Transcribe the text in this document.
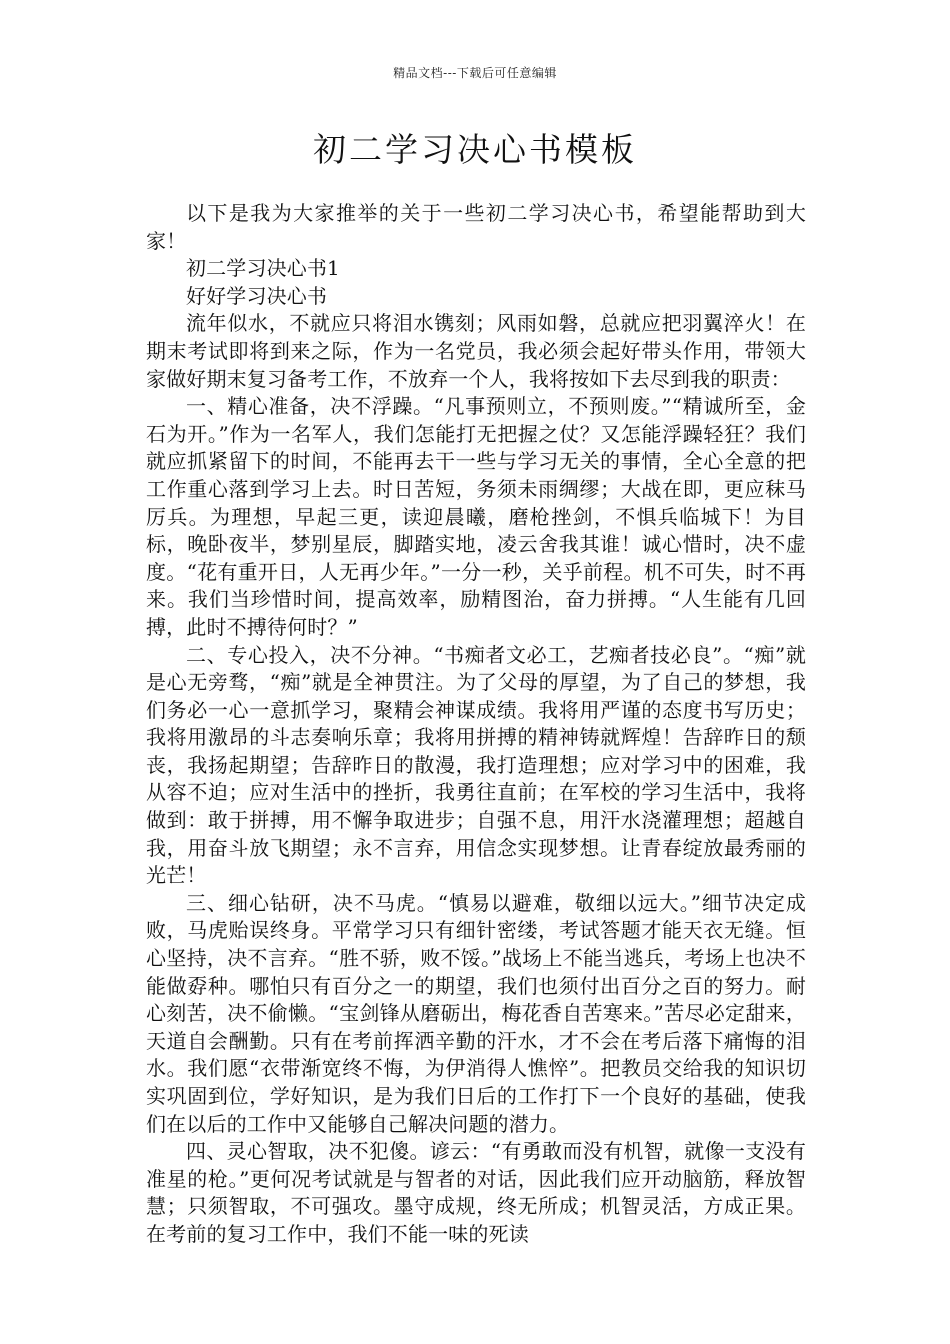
精品文档---下载后可任意编辑
初二学习决心书模板

以下是我为大家推举的关于一些初二学习决心书，希望能帮助到大家！

初二学习决心书1

好好学习决心书

流年似水，不就应只将泪水镌刻；风雨如磐，总就应把羽翼淬火！在期末考试即将到来之际，作为一名党员，我必须会起好带头作用，带领大家做好期末复习备考工作，不放弃一个人，我将按如下去尽到我的职责：

一、精心准备，决不浮躁。“凡事预则立，不预则废。”“精诚所至，金石为开。”作为一名军人，我们怎能打无把握之仗？又怎能浮躁轻狂？我们就应抓紧留下的时间，不能再去干一些与学习无关的事情，全心全意的把工作重心落到学习上去。时日苦短，务须未雨绸缪；大战在即，更应秣马厉兵。为理想，早起三更，读迎晨曦，磨枪挫剑，不惧兵临城下！为目标，晚卧夜半，梦别星辰，脚踏实地，凌云舍我其谁！诚心惜时，决不虚度。“花有重开日，人无再少年。”一分一秒，关乎前程。机不可失，时不再来。我们当珍惜时间，提高效率，励精图治，奋力拼搏。“人生能有几回搏，此时不搏待何时？”

二、专心投入，决不分神。“书痴者文必工，艺痴者技必良”。“痴”就是心无旁骛，“痴”就是全神贯注。为了父母的厚望，为了自己的梦想，我们务必一心一意抓学习，聚精会神谋成绩。我将用严谨的态度书写历史；我将用激昂的斗志奏响乐章；我将用拼搏的精神铸就辉煌！告辞昨日的颓丧，我扬起期望；告辞昨日的散漫，我打造理想；应对学习中的困难，我从容不迫；应对生活中的挫折，我勇往直前；在军校的学习生活中，我将做到：敢于拼搏，用不懈争取进步；自强不息，用汗水浇灌理想；超越自我，用奋斗放飞期望；永不言弃，用信念实现梦想。让青春绽放最秀丽的光芒！

三、细心钻研，决不马虎。“慎易以避难，敬细以远大。”细节决定成败，马虎贻误终身。平常学习只有细针密缕，考试答题才能天衣无缝。恒心坚持，决不言弃。“胜不骄，败不馁。”战场上不能当逃兵，考场上也决不能做孬种。哪怕只有百分之一的期望，我们也须付出百分之百的努力。耐心刻苦，决不偷懒。“宝剑锋从磨砺出，梅花香自苦寒来。”苦尽必定甜来，天道自会酬勤。只有在考前挥洒辛勤的汗水，才不会在考后落下痛悔的泪水。我们愿“衣带渐宽终不悔，为伊消得人憔悴”。把教员交给我的知识切实巩固到位，学好知识，是为我们日后的工作打下一个良好的基础，使我们在以后的工作中又能够自己解决问题的潜力。

四、灵心智取，决不犯傻。谚云：“有勇敢而没有机智，就像一支没有准星的枪。”更何况考试就是与智者的对话，因此我们应开动脑筋，释放智慧；只须智取，不可强攻。墨守成规，终无所成；机智灵活，方成正果。在考前的复习工作中，我们不能一味的死读
